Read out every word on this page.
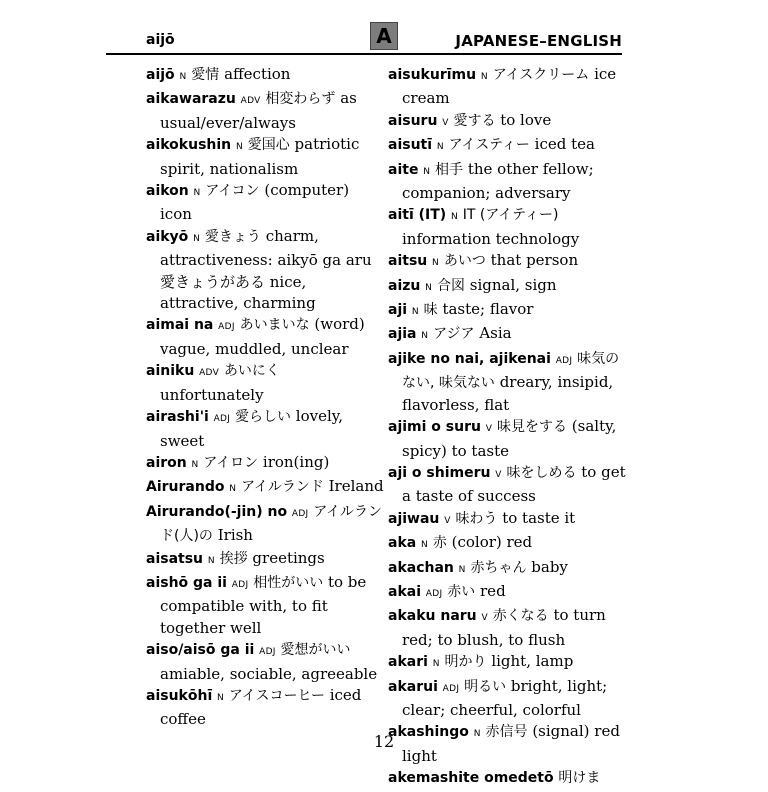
aijō	A	JAPANESE–ENGLISH
aijō N 愛情 affection
aikawarazu ADV 相変わらず as usual/ever/always
aikokushin N 愛国心 patriotic spirit, nationalism
aikon N アイコン (computer) icon
aikyō N 愛きょう charm, attractiveness: aikyō ga aru 愛きょうがある nice, attractive, charming
aimai na ADJ あいまいな (word) vague, muddled, unclear
ainiku ADV あいにく unfortunately
airashi'i ADJ 愛らしい lovely, sweet
airon N アイロン iron(ing)
Airurando N アイルランド Ireland
Airurando(-jin) no ADJ アイルランド(人)の Irish
aisatsu N 挨拶 greetings
aishō ga ii ADJ 相性がいい to be compatible with, to fit together well
aiso/aisō ga ii ADJ 愛想がいい amiable, sociable, agreeable
aisukōhī N アイスコーヒー iced coffee
aisukurīmu N アイスクリーム ice cream
aisuru V 愛する to love
aisutī N アイスティー iced tea
aite N 相手 the other fellow; companion; adversary
aitī (IT) N IT (アイティー) information technology
aitsu N あいつ that person
aizu N 合図 signal, sign
aji N 味 taste; flavor
ajia N アジア Asia
ajike no nai, ajikenai ADJ 味気のない, 味気ない dreary, insipid, flavorless, flat
ajimi o suru V 味見をする (salty, spicy) to taste
aji o shimeru V 味をしめる to get a taste of success
ajiwau V 味わう to taste it
aka N 赤 (color) red
akachan N 赤ちゃん baby
akai ADJ 赤い red
akaku naru V 赤くなる to turn red; to blush, to flush
akari N 明かり light, lamp
akarui ADJ 明るい bright, light; clear; cheerful, colorful
akashingo N 赤信号 (signal) red light
akemashite omedetō 明けま
12
